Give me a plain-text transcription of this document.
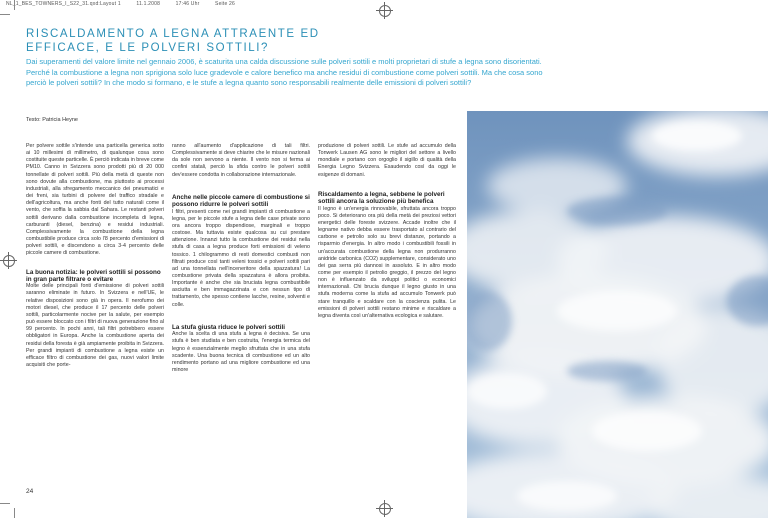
NL_1_BES_TOWNERS_I_S22_31.qxd:Layout 1	11.1.2008	17:46 Uhr	Seite 26
RISCALDAMENTO A LEGNA ATTRAENTE ED EFFICACE, E LE POLVERI SOTTILI?

Dai superamenti del valore limite nel gennaio 2006, è scaturita una calda discussione sulle polveri sottili e molti proprietari di stufe a legna sono disorientati. Perché la combustione a legna non sprigiona solo luce gradevole e calore benefico ma anche residui di combustione come polveri sottili. Ma che cosa sono perciò le polveri sottili? In che modo si formano, e le stufe a legna quanto sono responsabili realmente delle emissioni di polveri sottili?

Testo: Patricia Heyne

Per polvere sottile s'intende una particella generica sotto ai 10 millesimi di millimetro, di qualunque cosa sono costituite queste particelle. È perciò indicata in breve come PM10. Canno in Svizzera sono prodotti più di 20 000 tonnellate di polveri sottili. Più della metà di queste non sono dovute alla combustione, ma piuttosto ai processi industriali, alla sfregamento meccanico dei pneumatici e dei freni, sia turbini di polvere del traffico stradale e dell'agricoltura, ma anche fonti del tutto naturali come il vento, che soffia la sabbia dal Sahara. Le restanti polveri sottili derivano dalla combustione incompleta di legna, carburanti (diesel, benzina) e residui industriali. Complessivamente la combustione della legna combustibile produce circa solo l'8 percento d'emissioni di polveri sottili, e discendono a circa 3-4 percento delle piccole camere di combustione.

La buona notizia: le polveri sottili si possono in gran parte filtrare o evitare

Molte delle principali fonti d'emissione di polveri sottili saranno eliminate in futuro. In Svizzera e nell'UE, le relative disposizioni sono già in opera. Il nerofumo dei motori diesel, che produce il 17 percento delle polveri sottili, particolarmente nocive per la salute, per esempio può essere bloccato con i filtri di nuova generazione fino al 99 percento. In pochi anni, tali filtri potrebbero essere obbligatori in Europa. Anche la combustione aperta dei residui della foresta è già ampiamente proibita in Svizzera. Per grandi impianti di combustione a legna esiste un efficace filtro di combustione dei gas, nuovi valori limite acquisiti che porte-

ranno all'aumento d'applicazione di tali filtri. Complessivamente si deve chiarire che le misure nazionali da sole non servono a niente. Il vento non si ferma ai confini statali, perciò la sfida contro le polveri sottili dev'essere condotta in collaborazione internazionale.

Anche nelle piccole camere di combustione si possono ridurre le polveri sottili

I filtri, presenti come nei grandi impianti di combustione a legna, per le piccole stufe a legna delle case private sono ora ancora troppo dispendiose, marginali e troppo costose. Ma tuttavia esiste qualcosa su cui prestare attenzione. Innanzi tutto la combustione dei residui nella stufa di casa a legna produce forti emissioni di veleno tossico. 1 chilogrammo di resti domestici combusti non filtrati produce così tanti veleni tossici e polveri sottili pari ad una tonnellata nell'inceneritore della spazzatura! La combustione privata della spazzatura è allora proibita. Importante è anche che sia bruciata legna combustibile asciutta e ben immagazzinata e con nessun tipo di trattamento, che spesso contiene lacche, resine, solventi e colle.

La stufa giusta riduce le polveri sottili

Anche la scelta di una stufa a legna è decisiva. Se una stufa è ben studiata e ben costruita, l'energia termica del legno è essenzialmente meglio sfruttata che in una stufa scadente. Una buona tecnica di combustione ed un alto rendimento portano ad una migliore combustione ed una minore

produzione di polveri sottili. Le stufe ad accumulo della Tonwerk Lausen AG sono le migliori del settore a livello mondiale e portano con orgoglio il sigillo di qualità della Energia Legno Svizzera. Esaudendo così da oggi le esigenze di domani.

Riscaldamento a legna, sebbene le polveri sottili ancora la soluzione più benefica

Il legno è un'energia rinnovabile, sfruttata ancora troppo poco. Si deteriorano ora più della metà dei preziosi vettori energetici delle foreste svizzere. Accade inoltre che il legname nativo debba essere trasportato al contrario del carbone e petrolio solo su brevi distanze, portando a risparmio d'energia. In altro modo i combustibili fossili in un'accurata combustione della legna non produrranno anidride carbonica (CO2) supplementare, considerato uno dei gas serra più dannosi in assoluto. E in altro modo come per esempio il petrolio greggio, il prezzo del legno non è influenzato da sviluppi politici o economici internazionali. Chi brucia dunque il legno giusto in una stufa moderna come la stufa ad accumulo Tonwerk può stare tranquillo e scaldare con la coscienza pulita. Le emissioni di polveri sottili restano minime e riscaldare a legna diventa così un'alternativa ecologica e salutare.

24
